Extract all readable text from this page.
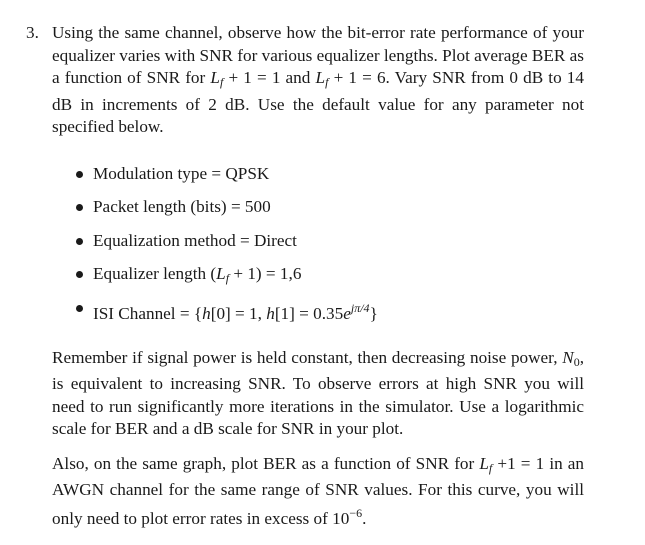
3. Using the same channel, observe how the bit-error rate performance of your equalizer varies with SNR for various equalizer lengths. Plot average BER as a function of SNR for $L_f + 1 = 1$ and $L_f + 1 = 6$. Vary SNR from 0 dB to 14 dB in increments of 2 dB. Use the default value for any parameter not specified below.

Modulation type = QPSK
Packet length (bits) = 500
Equalization method = Direct
Equalizer length $(L_f + 1) = 1,6$
ISI Channel = {h[0] = 1, $h[1] = 0.35e^{j\pi/4}$}

Remember if signal power is held constant, then decreasing noise power, $N_0$, is equivalent to increasing SNR. To observe errors at high SNR you will need to run significantly more iterations in the simulator. Use a logarithmic scale for BER and a dB scale for SNR in your plot.

Also, on the same graph, plot BER as a function of SNR for $L_f +1 = 1$ in an AWGN channel for the same range of SNR values. For this curve, you will only need to plot error rates in excess of $10^{-6}$.
